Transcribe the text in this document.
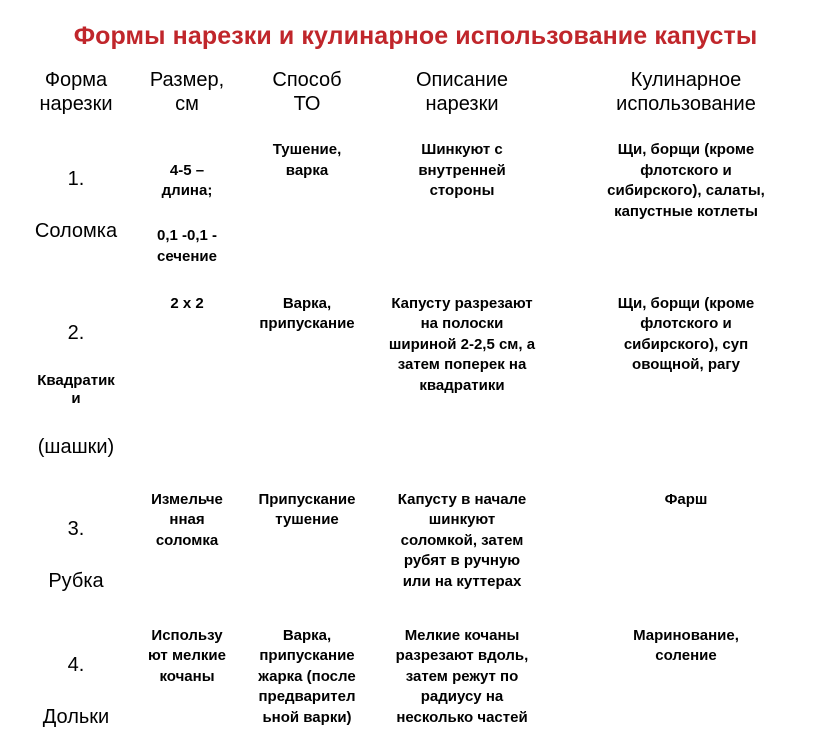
Формы нарезки и кулинарное использование капусты
Форма
нарезки	Размер,
см	Способ
ТО	Описание
нарезки	Кулинарное
использование

1.

Соломка	4-5 –
длина;

0,1 -0,1 -
сечение	Тушение,
варка	Шинкуют с
внутренней
стороны	Щи, борщи (кроме
флотского и
сибирского), салаты,
капустные котлеты

2.

Квадратик
и

(шашки)	2 х 2	Варка,
припускание	Капусту разрезают
на полоски
шириной 2-2,5 см, а
затем поперек на
квадратики	Щи, борщи (кроме
флотского и
сибирского), суп
овощной, рагу

3.

Рубка	Измельче
нная
соломка	Припускание
тушение	Капусту в начале
шинкуют
соломкой, затем
рубят в ручную
или на куттерах	Фарш

4.

Дольки	Использу
ют мелкие
кочаны	Варка,
припускание
жарка (после
предварител
ьной варки)	Мелкие кочаны
разрезают вдоль,
затем режут по
радиусу на
несколько частей	Маринование,
соление
